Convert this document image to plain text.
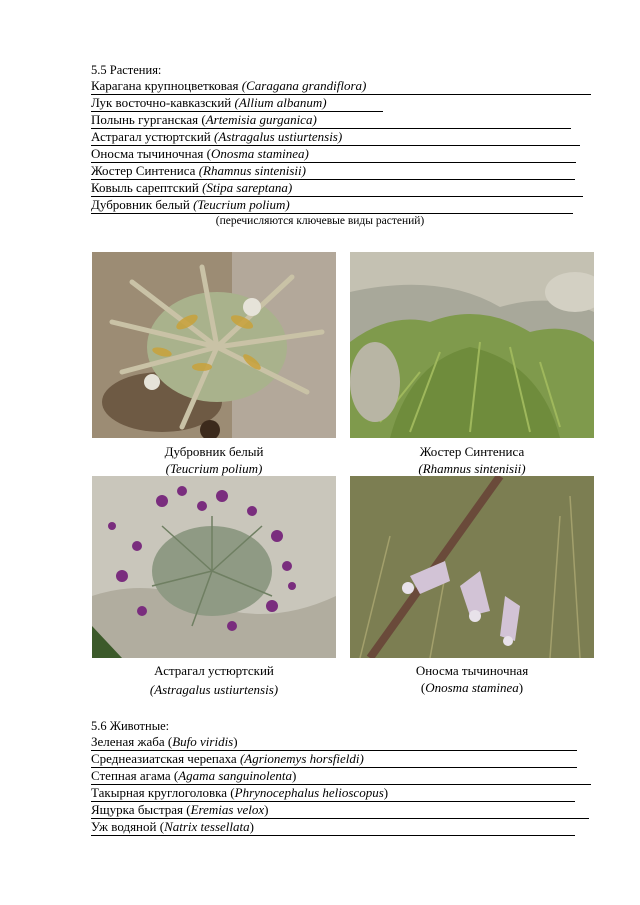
5.5 Растения:
Карагана крупноцветковая (Caragana grandiflora)
Лук восточно-кавказский (Allium albanum)
Полынь гурганская (Artemisia gurganica)
Астрагал устюртский (Astragalus ustiurtensis)
Оносма тычиночная (Onosma staminea)
Жостер Синтениса (Rhamnus sintenisii)
Ковыль сарептский (Stipa sareptana)
Дубровник белый (Teucrium polium)
(перечисляются ключевые виды растений)
Дубровник белый
(Teucrium polium)
Жостер Синтениса
(Rhamnus sintenisii)
Астрагал устюртский
(Astragalus ustiurtensis)
Оносма тычиночная
(Onosma staminea)
5.6 Животные:
Зеленая жаба (Bufo viridis)
Среднеазиатская черепаха (Agrionemys horsfieldi)
Степная агама (Agama sanguinolenta)
Такырная круглоголовка (Phrynocephalus helioscopus)
Ящурка быстрая (Eremias velox)
Уж водяной (Natrix tessellata)
